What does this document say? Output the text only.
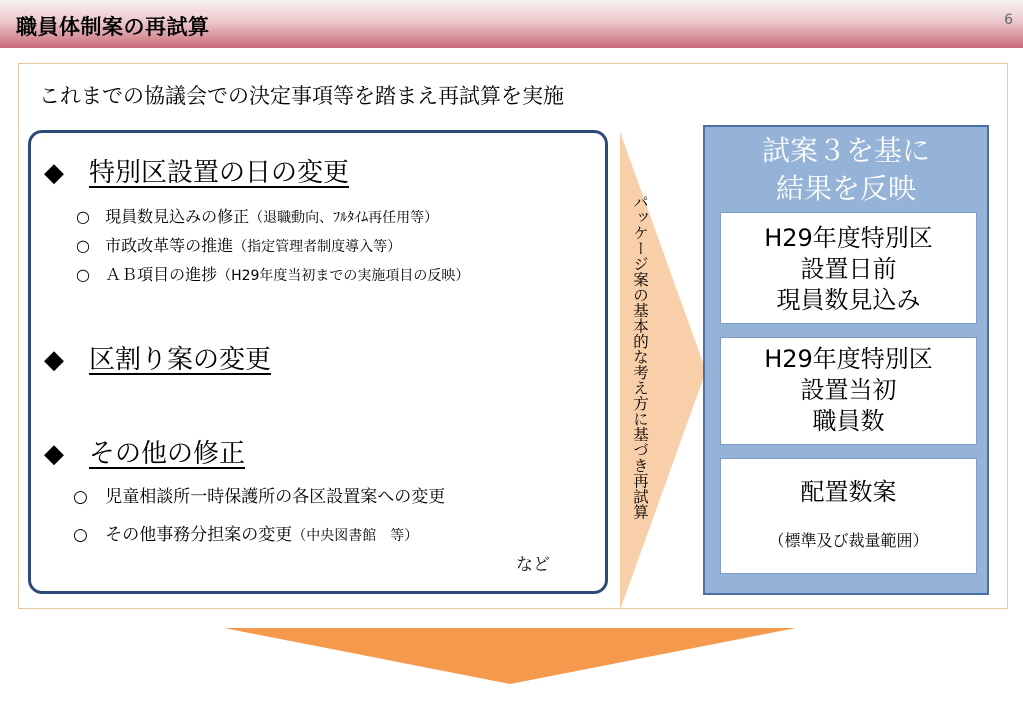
職員体制案の再試算	6
これまでの協議会での決定事項等を踏まえ再試算を実施
◆ 特別区設置の日の変更
○ 現員数見込みの修正（退職動向、ﾌﾙﾀｲﾑ再任用等）
○ 市政改革等の推進（指定管理者制度導入等）
○ ＡＢ項目の進捗（H29年度当初までの実施項目の反映）
◆ 区割り案の変更
◆ その他の修正
○ 児童相談所一時保護所の各区設置案への変更
○ その他事務分担案の変更（中央図書館　等）
など
パッケージ案の基本的な考え方に基づき再試算
試案３を基に
結果を反映
H29年度特別区
設置日前
現員数見込み
H29年度特別区
設置当初
職員数
配置数案
（標準及び裁量範囲）
